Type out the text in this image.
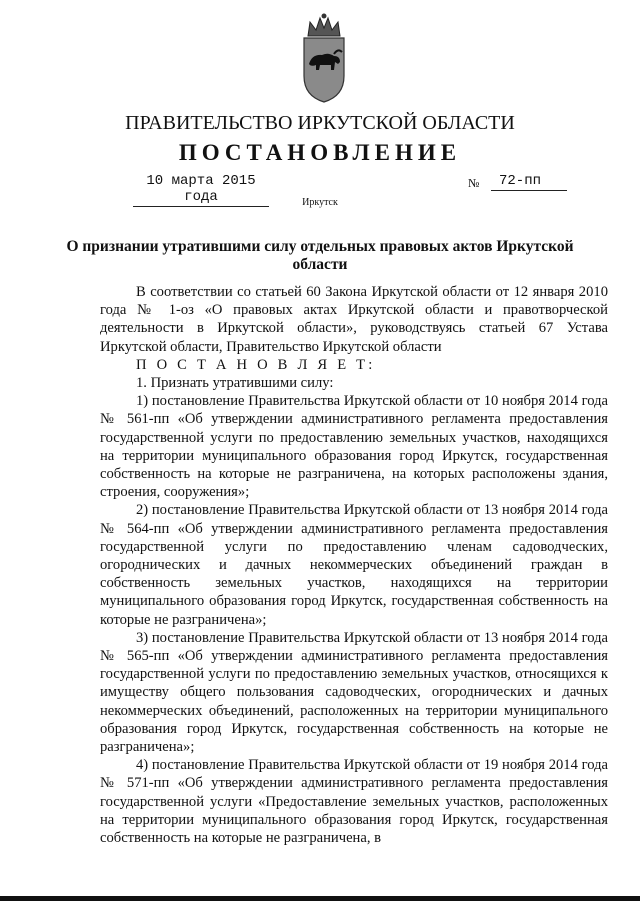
ПРАВИТЕЛЬСТВО ИРКУТСКОЙ ОБЛАСТИ
ПОСТАНОВЛЕНИЕ
10 марта 2015 года
№	72-пп
Иркутск
О признании утратившими силу отдельных правовых актов Иркутской области

В соответствии со статьей 60 Закона Иркутской области от 12 января 2010 года № 1-оз «О правовых актах Иркутской области и правотворческой деятельности в Иркутской области», руководствуясь статьей 67 Устава Иркутской области, Правительство Иркутской области

П О С Т А Н О В Л Я Е Т:

1. Признать утратившими силу:

1) постановление Правительства Иркутской области от 10 ноября 2014 года № 561-пп «Об утверждении административного регламента предоставления государственной услуги по предоставлению земельных участков, находящихся на территории муниципального образования город Иркутск, государственная собственность на которые не разграничена, на которых расположены здания, строения, сооружения»;

2) постановление Правительства Иркутской области от 13 ноября 2014 года № 564-пп «Об утверждении административного регламента предоставления государственной услуги по предоставлению членам садоводческих, огороднических и дачных некоммерческих объединений граждан в собственность земельных участков, находящихся на территории муниципального образования город Иркутск, государственная собственность на которые не разграничена»;

3) постановление Правительства Иркутской области от 13 ноября 2014 года № 565-пп «Об утверждении административного регламента предоставления государственной услуги по предоставлению земельных участков, относящихся к имуществу общего пользования садоводческих, огороднических и дачных некоммерческих объединений, расположенных на территории муниципального образования город Иркутск, государственная собственность на которые не разграничена»;

4) постановление Правительства Иркутской области от 19 ноября 2014 года № 571-пп «Об утверждении административного регламента предоставления государственной услуги «Предоставление земельных участков, расположенных на территории муниципального образования город Иркутск, государственная собственность на которые не разграничена, в
